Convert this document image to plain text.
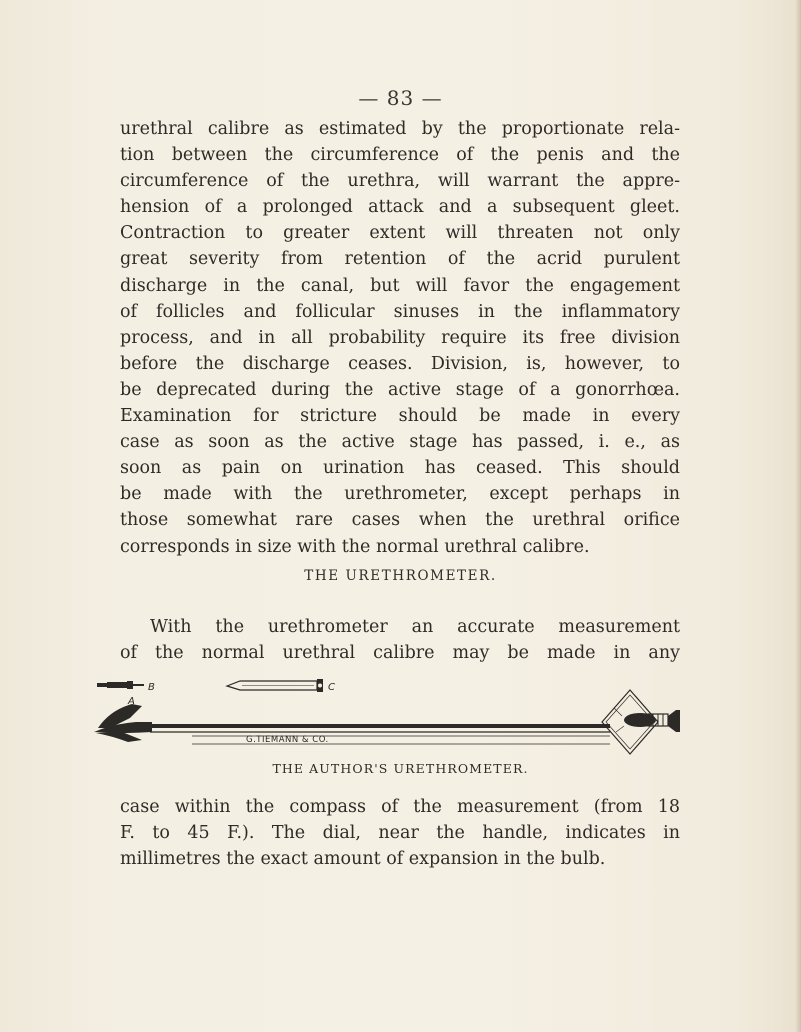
— 83 —
urethral calibre as estimated by the proportionate rela-
tion between the circumference of the penis and the
circumference of the urethra, will warrant the appre-
hension of a prolonged attack and a subsequent gleet.
Contraction to greater extent will threaten not only
great severity from retention of the acrid purulent
discharge in the canal, but will favor the engagement
of follicles and follicular sinuses in the inflammatory
process, and in all probability require its free division
before the discharge ceases. Division, is, however, to
be deprecated during the active stage of a gonorrhœa.
Examination for stricture should be made in every
case as soon as the active stage has passed, i. e., as
soon as pain on urination has ceased. This should
be made with the urethrometer, except perhaps in
those somewhat rare cases when the urethral orifice
corresponds in size with the normal urethral calibre.
THE URETHROMETER.
With the urethrometer an accurate measurement
of the normal urethral calibre may be made in any
B	C
A
G.TIEMANN & CO.
THE AUTHOR'S URETHROMETER.
case within the compass of the measurement (from 18
F. to 45 F.). The dial, near the handle, indicates in
millimetres the exact amount of expansion in the bulb.
